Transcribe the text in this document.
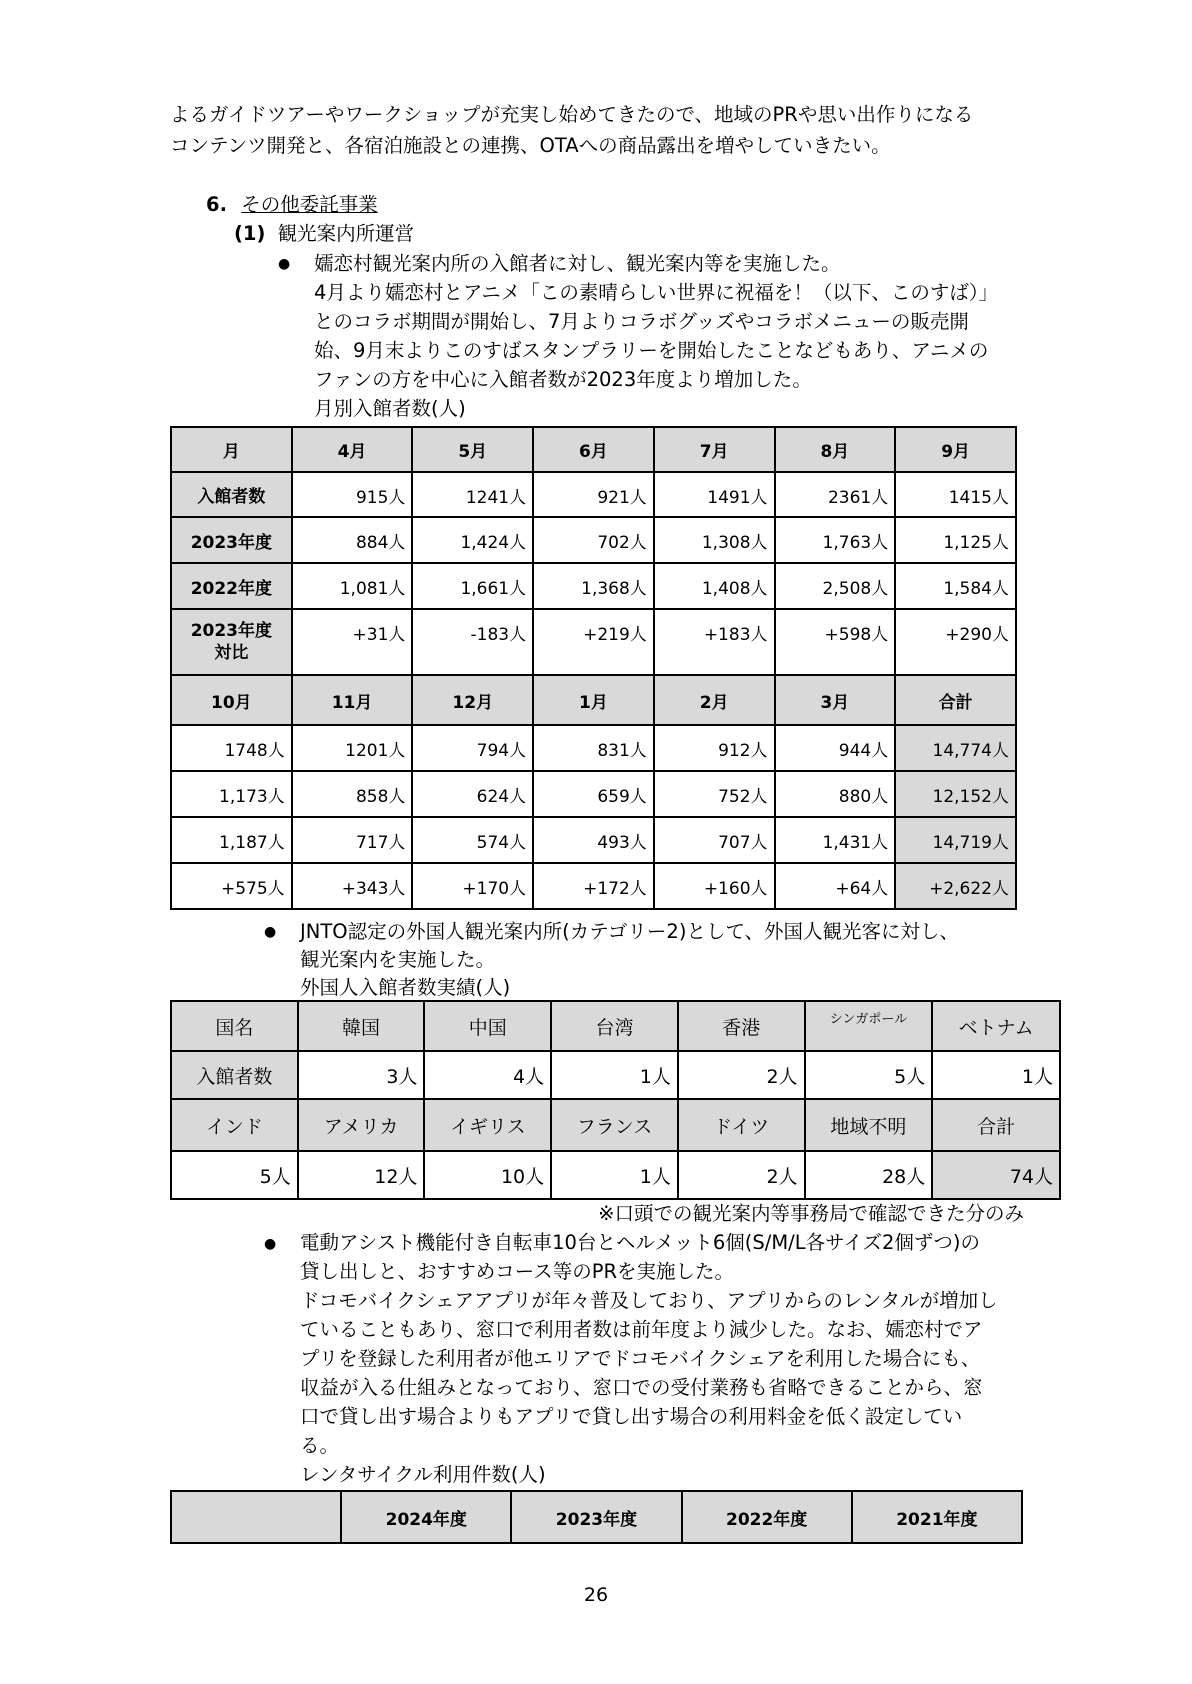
よるガイドツアーやワークショップが充実し始めてきたので、地域のPRや思い出作りになる
コンテンツ開発と、各宿泊施設との連携、OTAへの商品露出を増やしていきたい。
6. その他委託事業
(1) 観光案内所運営
● 嬬恋村観光案内所の入館者に対し、観光案内等を実施した。
4月より嬬恋村とアニメ「この素晴らしい世界に祝福を！（以下、このすば）」
とのコラボ期間が開始し、7月よりコラボグッズやコラボメニューの販売開
始、9月末よりこのすばスタンプラリーを開始したことなどもあり、アニメの
ファンの方を中心に入館者数が2023年度より増加した。
月別入館者数(人)
月	4月	5月	6月	7月	8月	9月
入館者数	915人	1241人	921人	1491人	2361人	1415人
2023年度	884人	1,424人	702人	1,308人	1,763人	1,125人
2022年度	1,081人	1,661人	1,368人	1,408人	2,508人	1,584人
2023年度
対比	+31人	-183人	+219人	+183人	+598人	+290人
10月	11月	12月	1月	2月	3月	合計
1748人	1201人	794人	831人	912人	944人	14,774人
1,173人	858人	624人	659人	752人	880人	12,152人
1,187人	717人	574人	493人	707人	1,431人	14,719人
+575人	+343人	+170人	+172人	+160人	+64人	+2,622人
● JNTO認定の外国人観光案内所(カテゴリー2)として、外国人観光客に対し、
観光案内を実施した。
外国人入館者数実績(人)
国名	韓国	中国	台湾	香港	シンガポール	ベトナム
入館者数	3人	4人	1人	2人	5人	1人
インド	アメリカ	イギリス	フランス	ドイツ	地域不明	合計
5人	12人	10人	1人	2人	28人	74人
※口頭での観光案内等事務局で確認できた分のみ
● 電動アシスト機能付き自転車10台とヘルメット6個(S/M/L各サイズ2個ずつ)の
貸し出しと、おすすめコース等のPRを実施した。
ドコモバイクシェアアプリが年々普及しており、アプリからのレンタルが増加し
ていることもあり、窓口で利用者数は前年度より減少した。なお、嬬恋村でア
プリを登録した利用者が他エリアでドコモバイクシェアを利用した場合にも、
収益が入る仕組みとなっており、窓口での受付業務も省略できることから、窓
口で貸し出す場合よりもアプリで貸し出す場合の利用料金を低く設定してい
る。
レンタサイクル利用件数(人)
	2024年度	2023年度	2022年度	2021年度
26
